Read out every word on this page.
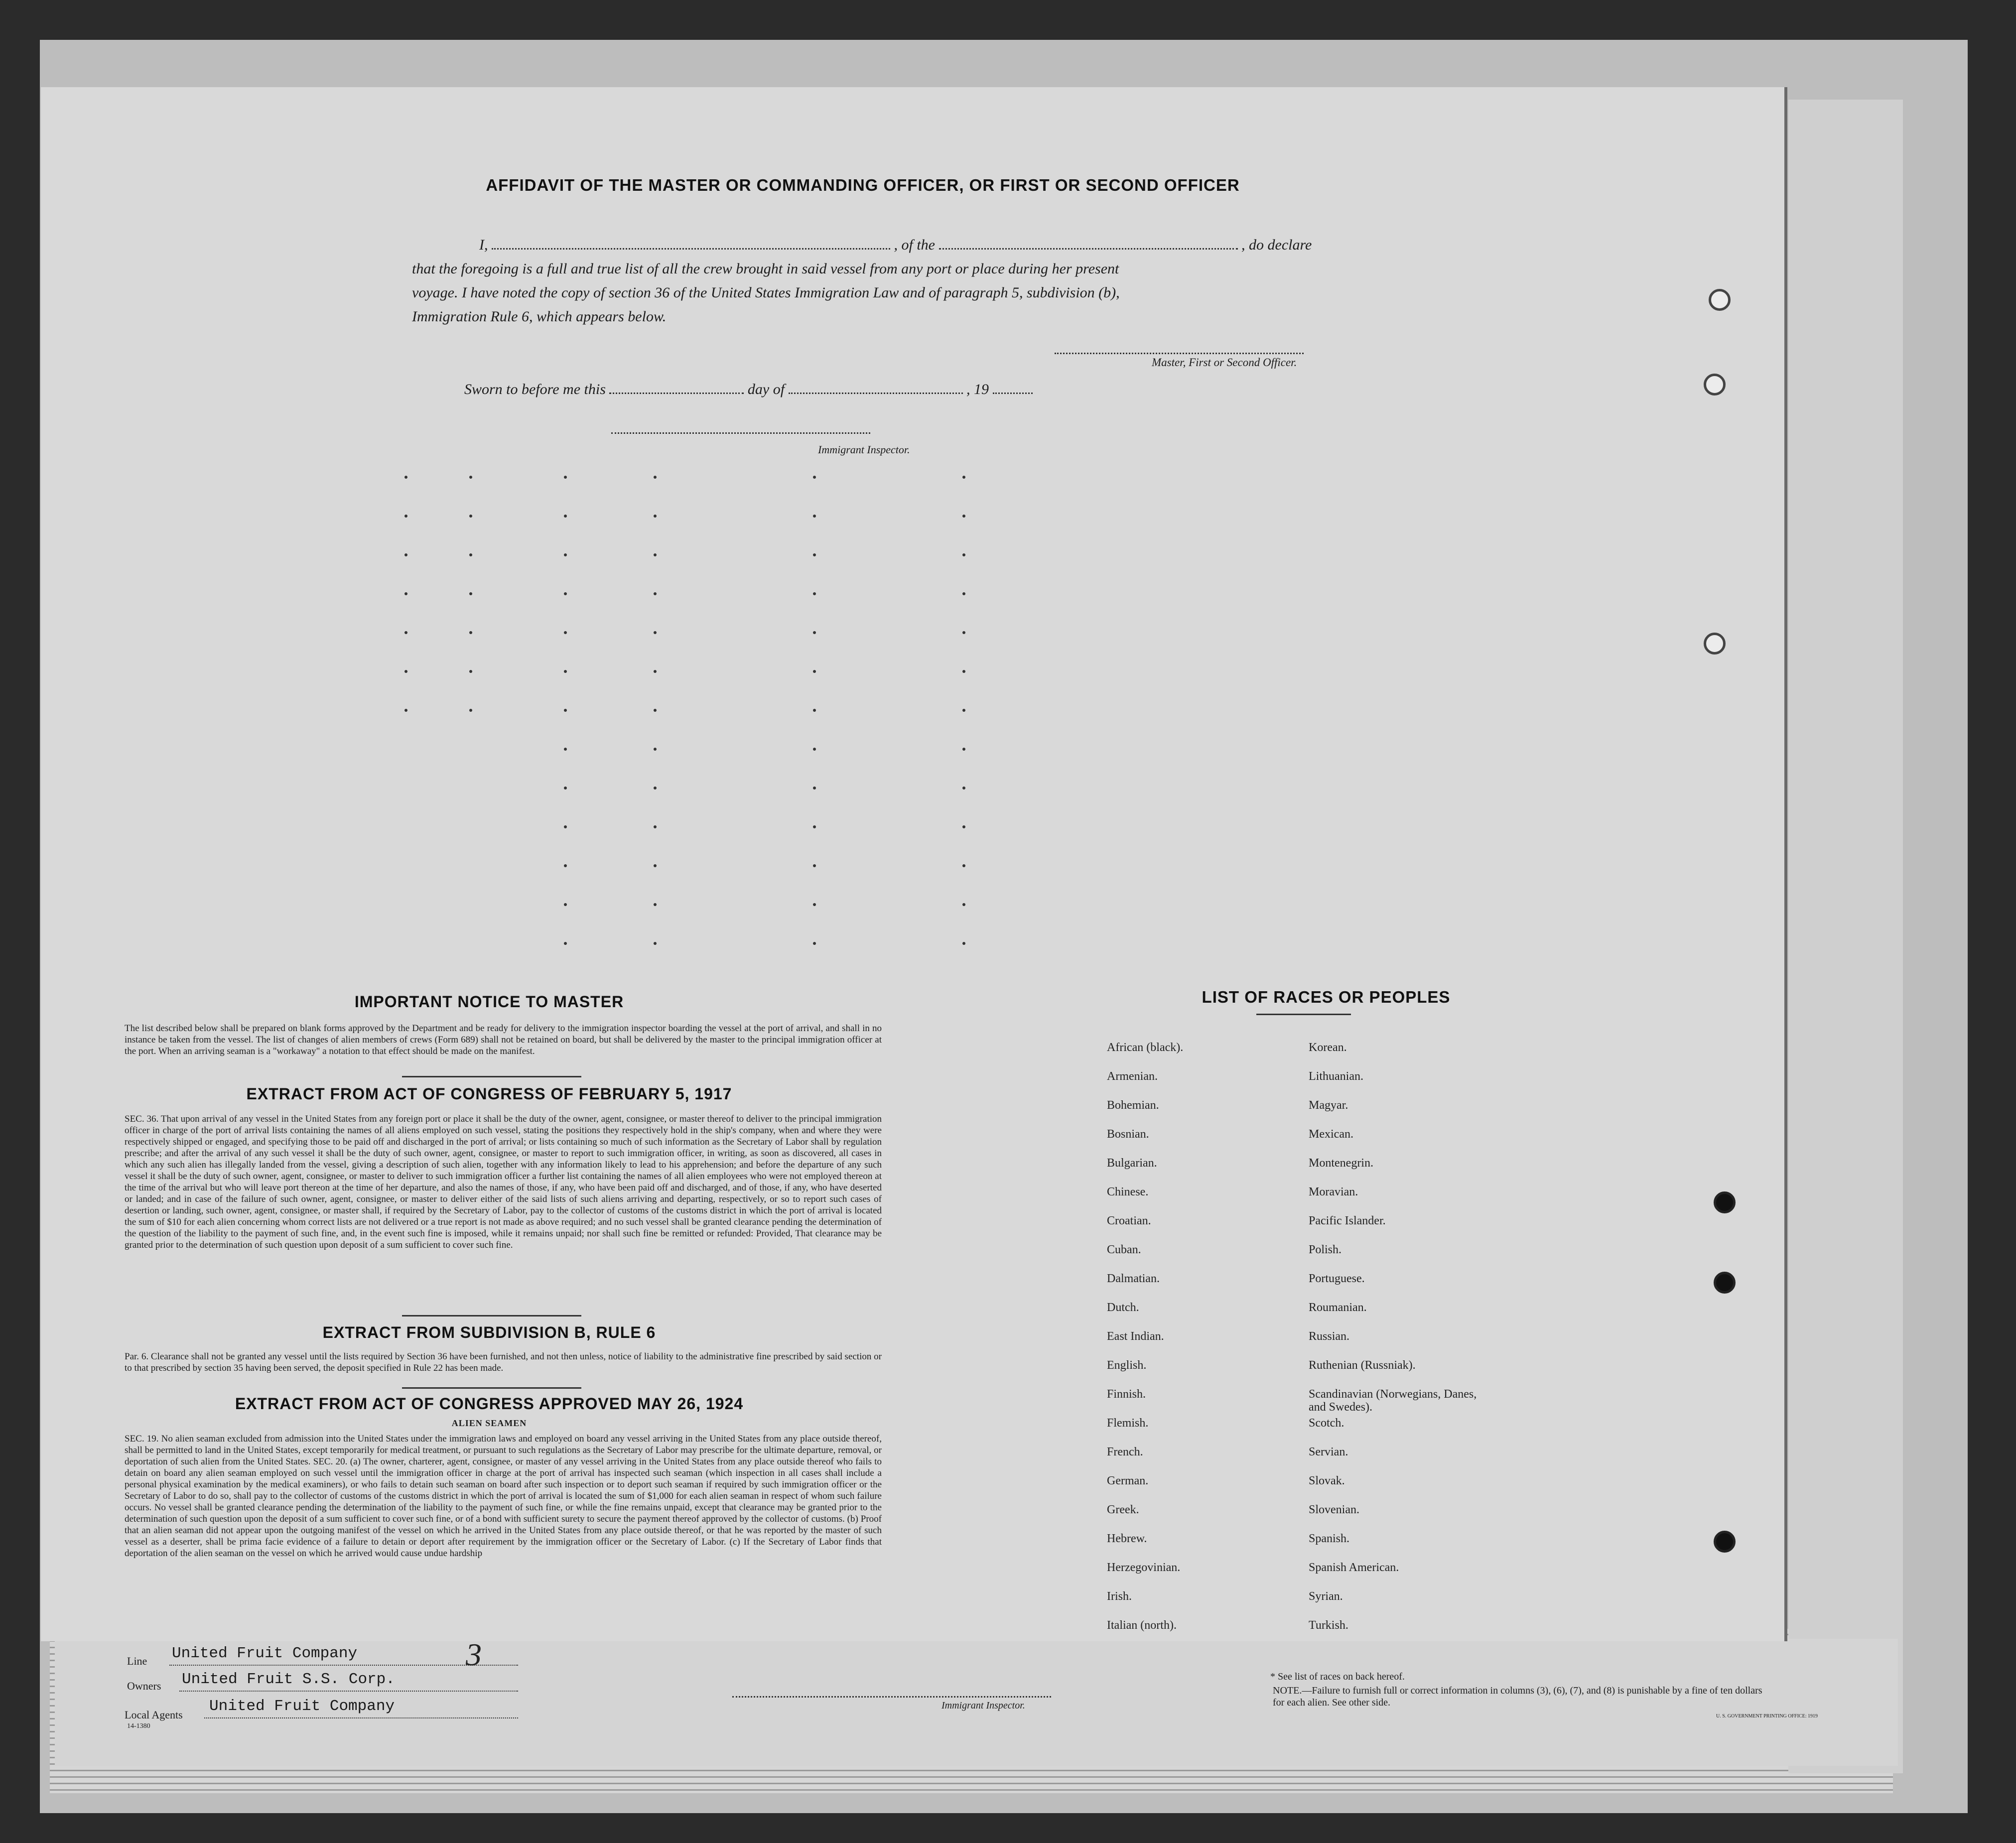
AFFIDAVIT OF THE MASTER OR COMMANDING OFFICER, OR FIRST OR SECOND OFFICER
I,	, of the	, do declare
that the foregoing is a full and true list of all the crew brought in said vessel from any port or place during her present
voyage. I have noted the copy of section 36 of the United States Immigration Law and of paragraph 5, subdivision (b),
Immigration Rule 6, which appears below.
Master, First or Second Officer.
Sworn to before me this	day of	, 19
Immigrant Inspector.
IMPORTANT NOTICE TO MASTER
The list described below shall be prepared on blank forms approved by the Department and be ready for delivery to the immigration inspector boarding the vessel at the port of arrival, and shall in no instance be taken from the vessel. The list of changes of alien members of crews (Form 689) shall not be retained on board, but shall be delivered by the master to the principal immigration officer at the port. When an arriving seaman is a "workaway" a notation to that effect should be made on the manifest.
EXTRACT FROM ACT OF CONGRESS OF FEBRUARY 5, 1917
SEC. 36. That upon arrival of any vessel in the United States from any foreign port or place it shall be the duty of the owner, agent, consignee, or master thereof to deliver to the principal immigration officer in charge of the port of arrival lists containing the names of all aliens employed on such vessel, stating the positions they respectively hold in the ship's company, when and where they were respectively shipped or engaged, and specifying those to be paid off and discharged in the port of arrival; or lists containing so much of such information as the Secretary of Labor shall by regulation prescribe; and after the arrival of any such vessel it shall be the duty of such owner, agent, consignee, or master to report to such immigration officer, in writing, as soon as discovered, all cases in which any such alien has illegally landed from the vessel, giving a description of such alien, together with any information likely to lead to his apprehension; and before the departure of any such vessel it shall be the duty of such owner, agent, consignee, or master to deliver to such immigration officer a further list containing the names of all alien employees who were not employed thereon at the time of the arrival but who will leave port thereon at the time of her departure, and also the names of those, if any, who have been paid off and discharged, and of those, if any, who have deserted or landed; and in case of the failure of such owner, agent, consignee, or master to deliver either of the said lists of such aliens arriving and departing, respectively, or so to report such cases of desertion or landing, such owner, agent, consignee, or master shall, if required by the Secretary of Labor, pay to the collector of customs of the customs district in which the port of arrival is located the sum of $10 for each alien concerning whom correct lists are not delivered or a true report is not made as above required; and no such vessel shall be granted clearance pending the determination of the question of the liability to the payment of such fine, and, in the event such fine is imposed, while it remains unpaid; nor shall such fine be remitted or refunded: Provided, That clearance may be granted prior to the determination of such question upon deposit of a sum sufficient to cover such fine.
EXTRACT FROM SUBDIVISION B, RULE 6
Par. 6. Clearance shall not be granted any vessel until the lists required by Section 36 have been furnished, and not then unless, notice of liability to the administrative fine prescribed by said section or to that prescribed by section 35 having been served, the deposit specified in Rule 22 has been made.
EXTRACT FROM ACT OF CONGRESS APPROVED MAY 26, 1924
ALIEN SEAMEN
SEC. 19. No alien seaman excluded from admission into the United States under the immigration laws and employed on board any vessel arriving in the United States from any place outside thereof, shall be permitted to land in the United States, except temporarily for medical treatment, or pursuant to such regulations as the Secretary of Labor may prescribe for the ultimate departure, removal, or deportation of such alien from the United States. SEC. 20. (a) The owner, charterer, agent, consignee, or master of any vessel arriving in the United States from any place outside thereof who fails to detain on board any alien seaman employed on such vessel until the immigration officer in charge at the port of arrival has inspected such seaman (which inspection in all cases shall include a personal physical examination by the medical examiners), or who fails to detain such seaman on board after such inspection or to deport such seaman if required by such immigration officer or the Secretary of Labor to do so, shall pay to the collector of customs of the customs district in which the port of arrival is located the sum of $1,000 for each alien seaman in respect of whom such failure occurs. No vessel shall be granted clearance pending the determination of the liability to the payment of such fine, or while the fine remains unpaid, except that clearance may be granted prior to the determination of such question upon the deposit of a sum sufficient to cover such fine, or of a bond with sufficient surety to secure the payment thereof approved by the collector of customs. (b) Proof that an alien seaman did not appear upon the outgoing manifest of the vessel on which he arrived in the United States from any place outside thereof, or that he was reported by the master of such vessel as a deserter, shall be prima facie evidence of a failure to detain or deport after requirement by the immigration officer or the Secretary of Labor. (c) If the Secretary of Labor finds that deportation of the alien seaman on the vessel on which he arrived would cause undue hardship
LIST OF RACES OR PEOPLES
African (black).
Armenian.
Bohemian.
Bosnian.
Bulgarian.
Chinese.
Croatian.
Cuban.
Dalmatian.
Dutch.
East Indian.
English.
Finnish.
Flemish.
French.
German.
Greek.
Hebrew.
Herzegovinian.
Irish.
Italian (north).
Korean.
Lithuanian.
Magyar.
Mexican.
Montenegrin.
Moravian.
Pacific Islander.
Polish.
Portuguese.
Roumanian.
Russian.
Ruthenian (Russniak).
Scandinavian (Norwegians, Danes, and Swedes).
Scotch.
Servian.
Slovak.
Slovenian.
Spanish.
Spanish American.
Syrian.
Turkish.
Line United Fruit Company
Owners United Fruit S.S. Corp.
3
Local Agents United Fruit Company
14-1380
Immigrant Inspector.
* See list of races on back hereof.
NOTE.—Failure to furnish full or correct information in columns (3), (6), (7), and (8) is punishable by a fine of ten dollars for each alien. See other side.
U. S. GOVERNMENT PRINTING OFFICE: 1919
